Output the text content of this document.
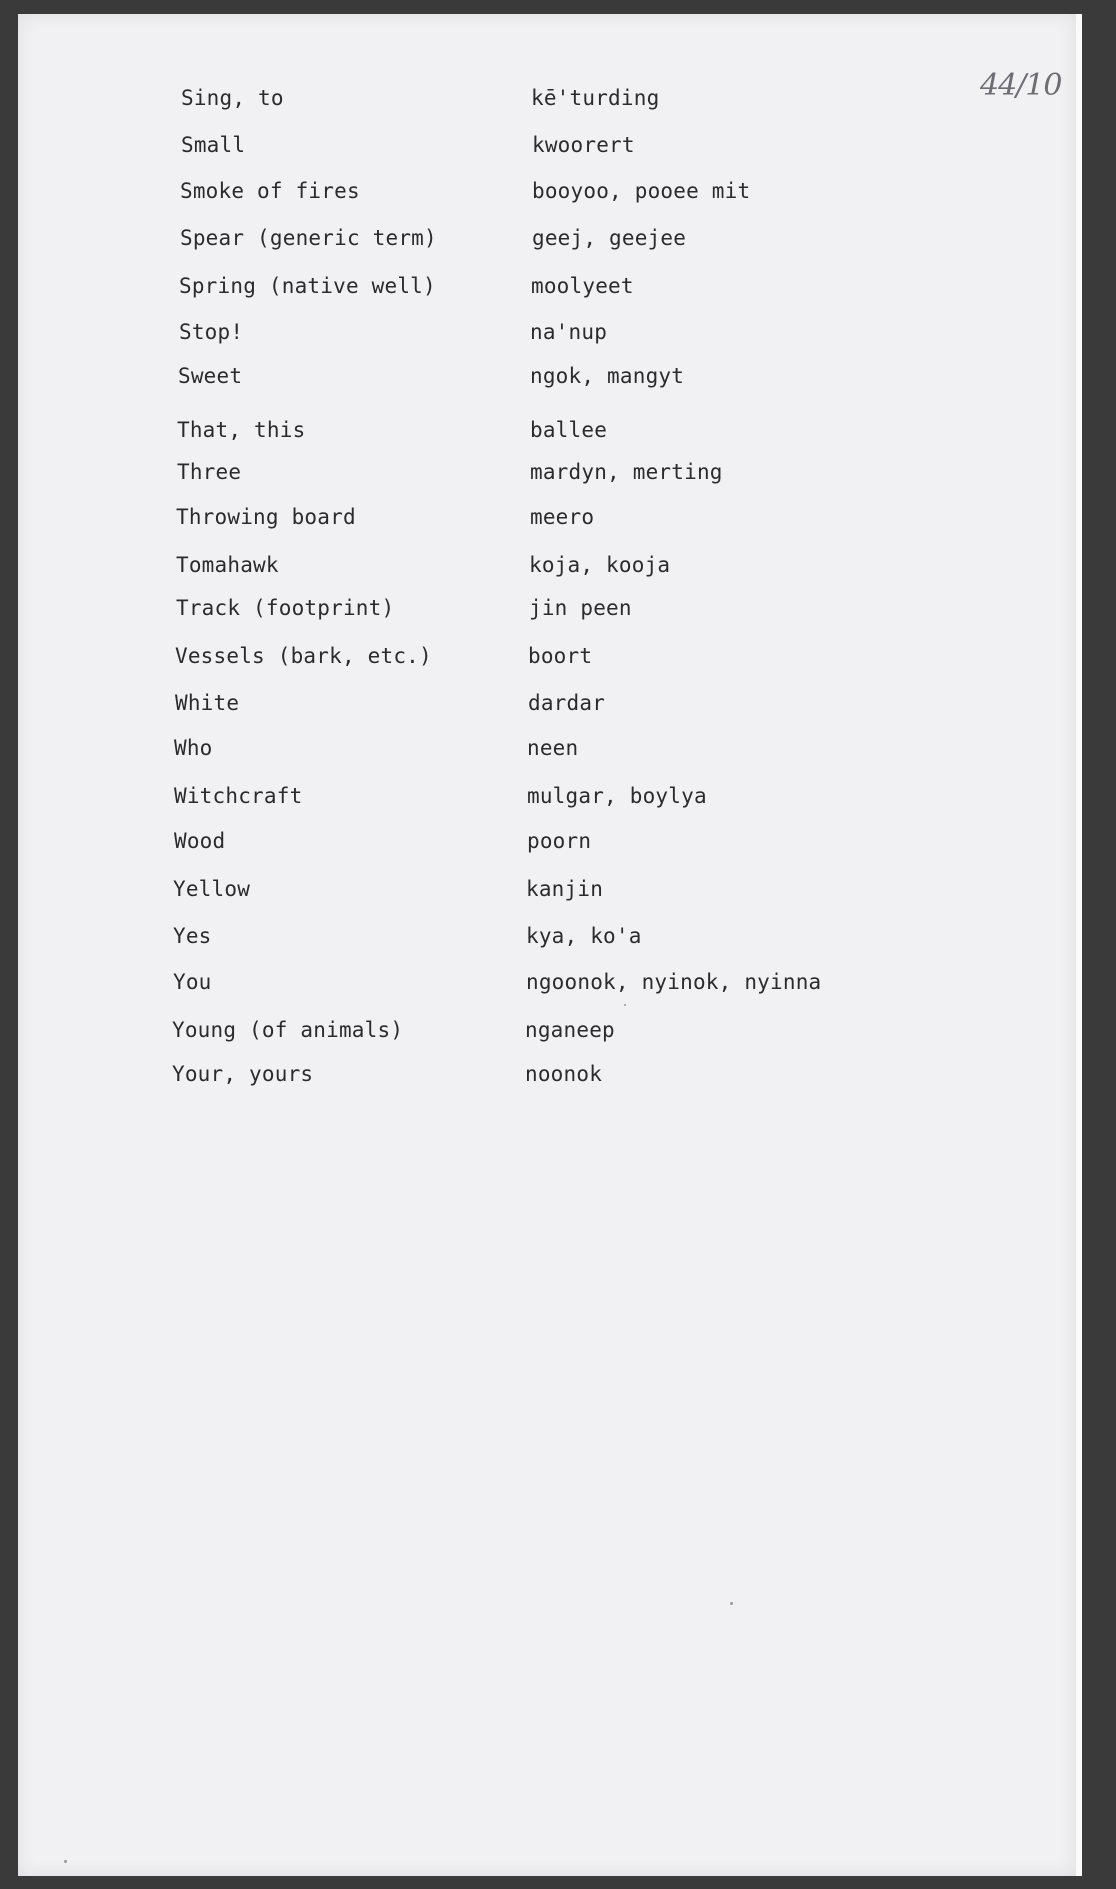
44/10
Sing, to	kē'turding
Small	kwoorert
Smoke of fires	booyoo, pooee mit
Spear (generic term)	geej, geejee
Spring (native well)	moolyeet
Stop!	na'nup
Sweet	ngok, mangyt
That, this	ballee
Three	mardyn, merting
Throwing board	meero
Tomahawk	koja, kooja
Track (footprint)	jin peen
Vessels (bark, etc.)	boort
White	dardar
Who	neen
Witchcraft	mulgar, boylya
Wood	poorn
Yellow	kanjin
Yes	kya, ko'a
You	ngoonok, nyinok, nyinna
Young (of animals)	nganeep
Your, yours	noonok
